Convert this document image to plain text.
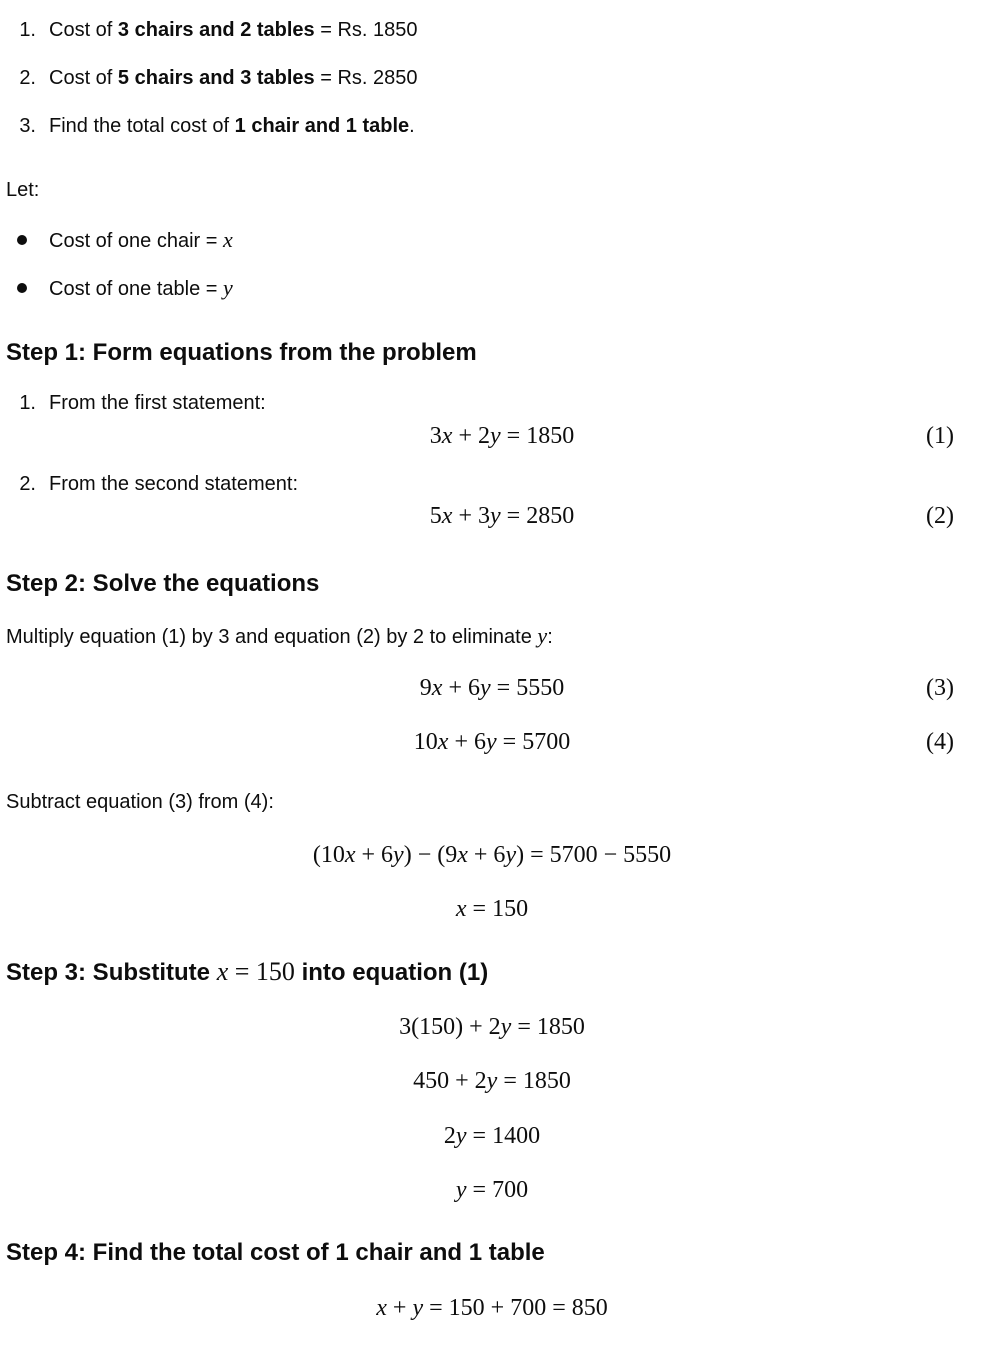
1. Cost of 3 chairs and 2 tables = Rs. 1850
2. Cost of 5 chairs and 3 tables = Rs. 2850
3. Find the total cost of 1 chair and 1 table.
Let:
Cost of one chair = x
Cost of one table = y
Step 1: Form equations from the problem
1. From the first statement:
3x + 2y = 1850	(1)
2. From the second statement:
5x + 3y = 2850	(2)
Step 2: Solve the equations
Multiply equation (1) by 3 and equation (2) by 2 to eliminate y:
9x + 6y = 5550	(3)
10x + 6y = 5700	(4)
Subtract equation (3) from (4):
(10x + 6y) − (9x + 6y) = 5700 − 5550
x = 150
Step 3: Substitute x = 150 into equation (1)
3(150) + 2y = 1850
450 + 2y = 1850
2y = 1400
y = 700
Step 4: Find the total cost of 1 chair and 1 table
x + y = 150 + 700 = 850
